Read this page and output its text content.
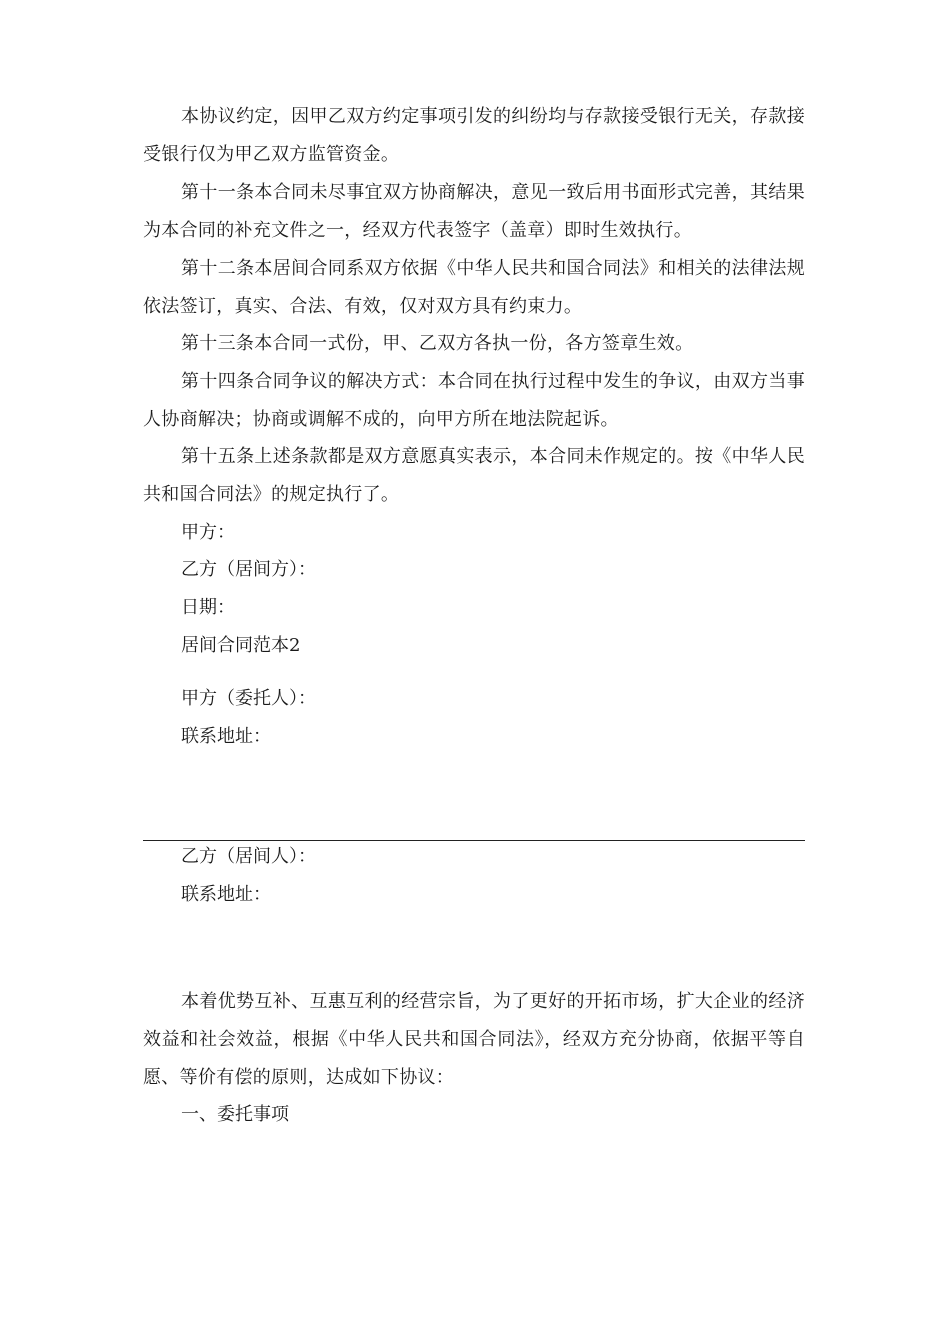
本协议约定，因甲乙双方约定事项引发的纠纷均与存款接受银行无关，存款接受银行仅为甲乙双方监管资金。

第十一条本合同未尽事宜双方协商解决，意见一致后用书面形式完善，其结果为本合同的补充文件之一，经双方代表签字（盖章）即时生效执行。

第十二条本居间合同系双方依据《中华人民共和国合同法》和相关的法律法规依法签订，真实、合法、有效，仅对双方具有约束力。

第十三条本合同一式份，甲、乙双方各执一份，各方签章生效。

第十四条合同争议的解决方式：本合同在执行过程中发生的争议，由双方当事人协商解决；协商或调解不成的，向甲方所在地法院起诉。

第十五条上述条款都是双方意愿真实表示，本合同未作规定的。按《中华人民共和国合同法》的规定执行了。

甲方：

乙方（居间方）：

日期：

居间合同范本2

甲方（委托人）：

联系地址：

乙方（居间人）：

联系地址：

本着优势互补、互惠互利的经营宗旨，为了更好的开拓市场，扩大企业的经济效益和社会效益，根据《中华人民共和国合同法》，经双方充分协商，依据平等自愿、等价有偿的原则，达成如下协议：

一、委托事项
